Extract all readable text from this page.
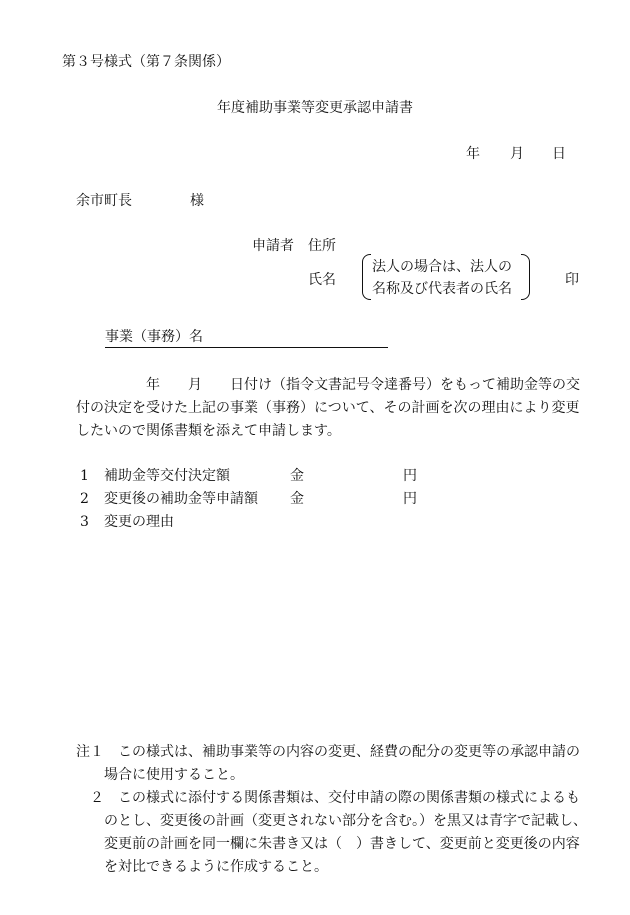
第３号様式（第７条関係）
年度補助事業等変更承認申請書
年 月 日
余市町長	様
申請者 住所
氏名
法人の場合は、法人の
名称及び代表者の氏名
印
事業（事務）名
年　　月　　日付け（指令文書記号令達番号）をもって補助金等の交
付の決定を受けた上記の事業（事務）について、その計画を次の理由により変更
したいので関係書類を添えて申請します。
1 補助金等交付決定額	金	円
2 変更後の補助金等申請額 金	円
3 変更の理由
注１　この様式は、補助事業等の内容の変更、経費の配分の変更等の承認申請の
場合に使用すること。
２　この様式に添付する関係書類は、交付申請の際の関係書類の様式によるも
のとし、変更後の計画（変更されない部分を含む。）を黒又は青字で記載し、
変更前の計画を同一欄に朱書き又は（　）書きして、変更前と変更後の内容
を対比できるように作成すること。
